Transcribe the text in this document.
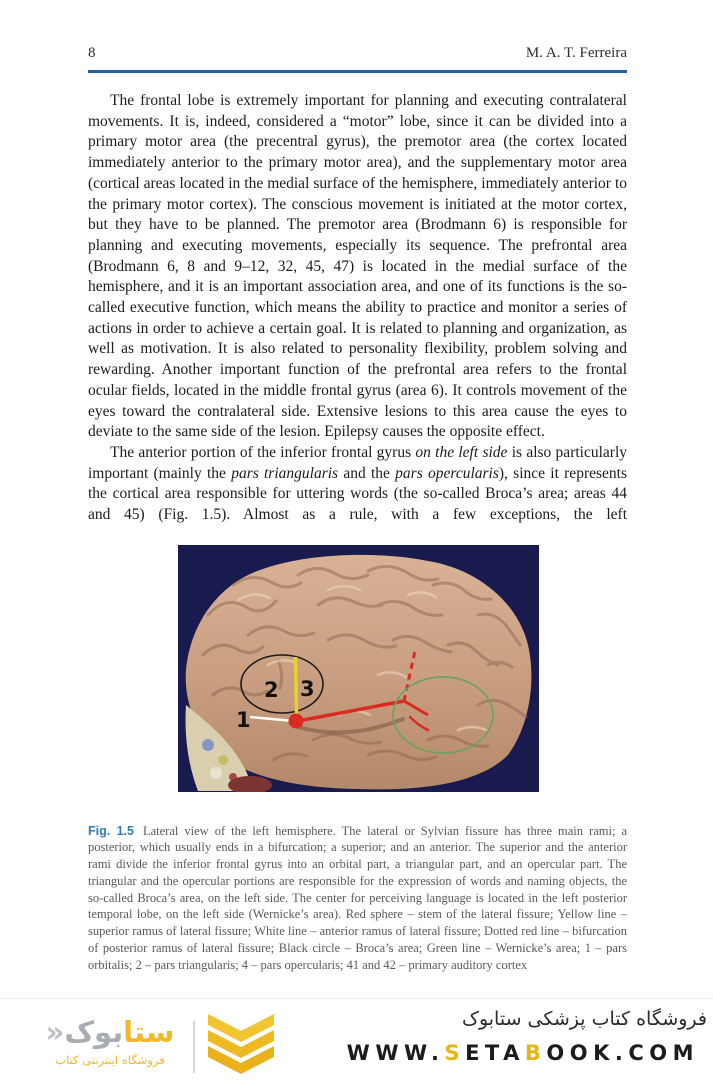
8	M. A. T. Ferreira

The frontal lobe is extremely important for planning and executing contralateral movements. It is, indeed, considered a “motor” lobe, since it can be divided into a primary motor area (the precentral gyrus), the premotor area (the cortex located immediately anterior to the primary motor area), and the supplementary motor area (cortical areas located in the medial surface of the hemisphere, immediately anterior to the primary motor cortex). The conscious movement is initiated at the motor cortex, but they have to be planned. The premotor area (Brodmann 6) is responsible for planning and executing movements, especially its sequence. The prefrontal area (Brodmann 6, 8 and 9–12, 32, 45, 47) is located in the medial surface of the hemisphere, and it is an important association area, and one of its functions is the so-called executive function, which means the ability to practice and monitor a series of actions in order to achieve a certain goal. It is related to planning and organization, as well as motivation. It is also related to personality flexibility, problem solving and rewarding. Another important function of the prefrontal area refers to the frontal ocular fields, located in the middle frontal gyrus (area 6). It controls movement of the eyes toward the contralateral side. Extensive lesions to this area cause the eyes to deviate to the same side of the lesion. Epilepsy causes the opposite effect.

The anterior portion of the inferior frontal gyrus on the left side is also particularly important (mainly the pars triangularis and the pars opercularis), since it represents the cortical area responsible for uttering words (the so-called Broca’s area; areas 44 and 45) (Fig. 1.5). Almost as a rule, with a few exceptions, the left

1
2 3

Fig. 1.5 Lateral view of the left hemisphere. The lateral or Sylvian fissure has three main rami; a posterior, which usually ends in a bifurcation; a superior; and an anterior. The superior and the anterior rami divide the inferior frontal gyrus into an orbital part, a triangular part, and an opercular part. The triangular and the opercular portions are responsible for the expression of words and naming objects, the so-called Broca’s area, on the left side. The center for perceiving language is located in the left posterior temporal lobe, on the left side (Wernicke’s area). Red sphere – stem of the lateral fissure; Yellow line – superior ramus of lateral fissure; White line – anterior ramus of lateral fissure; Dotted red line – bifurcation of posterior ramus of lateral fissure; Black circle – Broca’s area; Green line – Wernicke’s area; 1 – pars orbitalis; 2 – pars triangularis; 4 – pars opercularis; 41 and 42 – primary auditory cortex

فروشگاه کتاب پزشکی ستابوک
WWW.SETABOOK.COM
ستابوک«
فروشگاه اینترنتی کتاب
